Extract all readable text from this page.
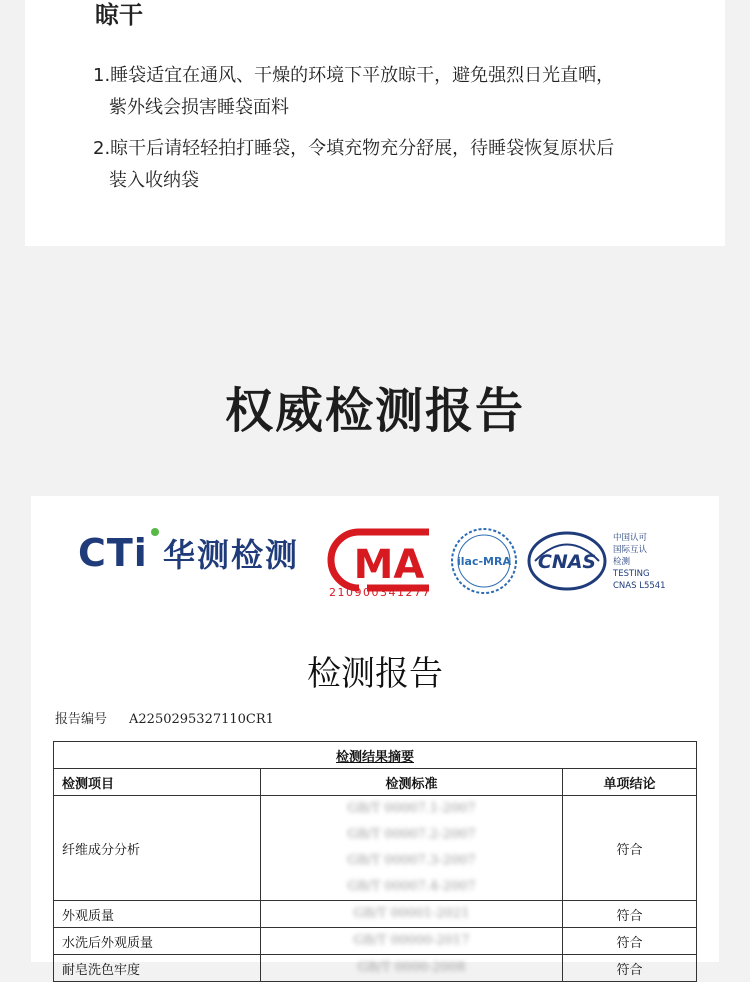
晾干
1.睡袋适宜在通风、干燥的环境下平放晾干，避免强烈日光直晒，
紫外线会损害睡袋面料
2.晾干后请轻轻拍打睡袋，令填充物充分舒展，待睡袋恢复原状后
装入收纳袋
权威检测报告
CTi 华测检测 MA
210900341277
ilac-MRA CNAS
中国认可
国际互认
检测
TESTING
CNAS L5541
检测报告
报告编号 A2250295327110CR1
检测结果摘要		
检测项目	检测标准	单项结论
纤维成分分析	GB/T 00007.1-2007
GB/T 00007.2-2007
GB/T 00007.3-2007
GB/T 00007.4-2007	符合
外观质量	GB/T 00001-2021	符合
水洗后外观质量	GB/T 00000-2017	符合
耐皂洗色牢度	GB/T 0000-2008	符合
